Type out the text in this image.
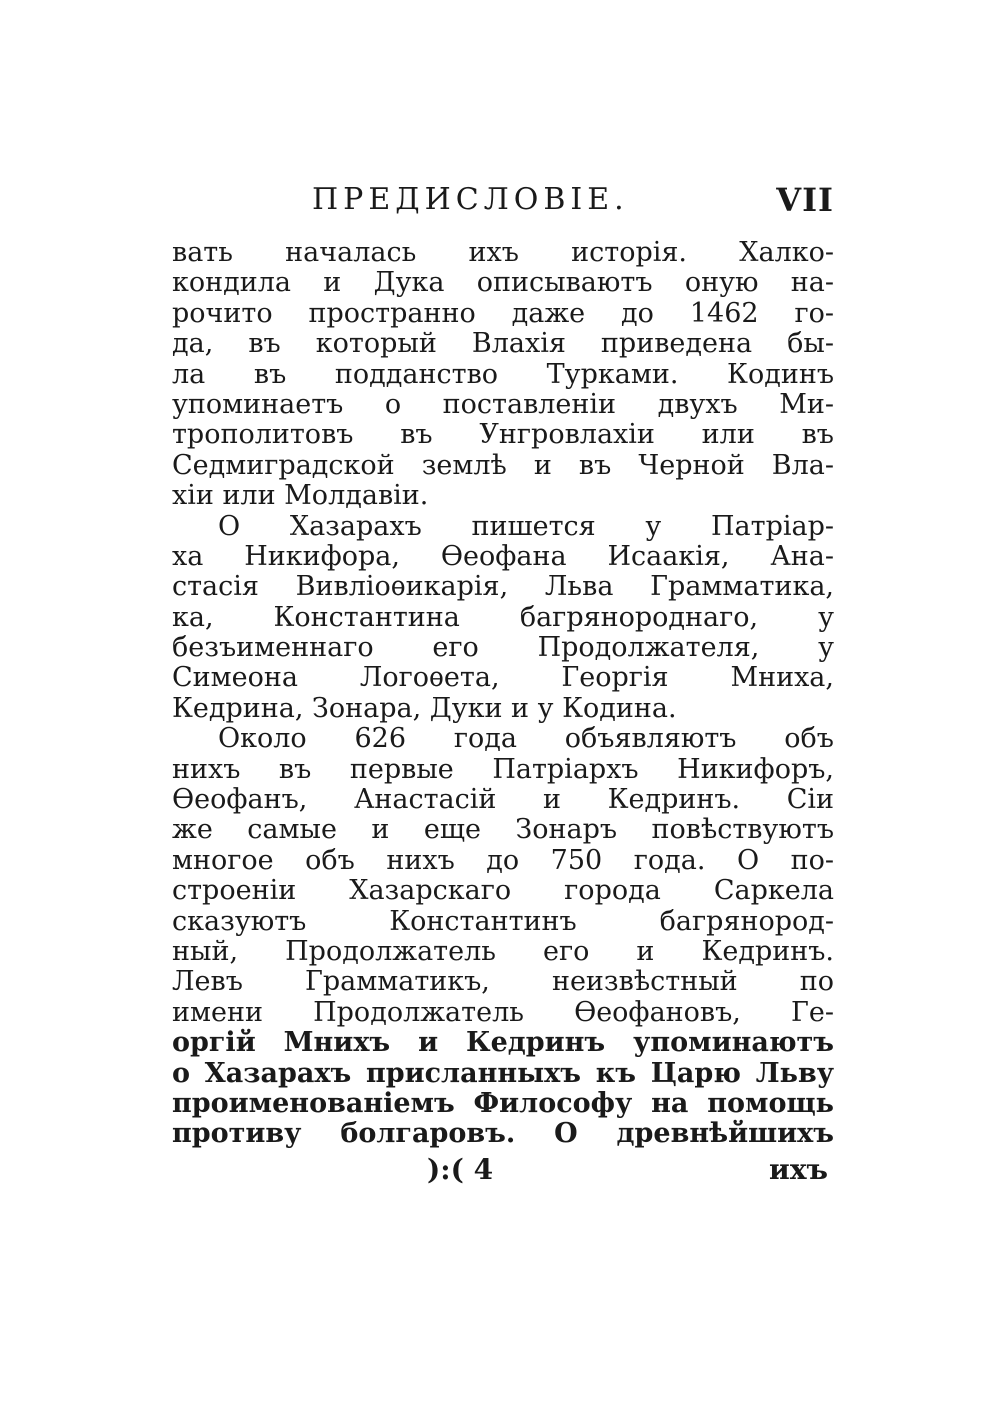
ПРЕДИСЛОВІЕ.	VII
вать началась ихъ исторія. Халко-
кондила и Дука описываютъ оную на-
рочито пространно даже до 1462 го-
да, въ который Влахія приведена бы-
ла въ подданство Турками. Кодинъ
упоминаетъ о поставленіи двухъ Ми-
трополитовъ въ Унгровлахіи или въ
Седмиградской землѣ и въ Черной Вла-
хіи или Молдавіи.
О Хазарахъ пишется у Патріар-
ха Никифора, Ѳеофана Исаакія, Ана-
стасія Вивліоѳикарія, Льва Грамматикa,
ка, Константина багрянороднаго, у
безъименнаго его Продолжателя, у
Симеона Логоѳета, Георгія Мниха,
Кедрина, Зонара, Дуки и у Кодина.
Около 626 года объявляютъ объ
нихъ въ первые Патріархъ Никифоръ,
Ѳеофанъ, Анастасій и Кедринъ. Сіи
же самые и еще Зонаръ повѣствуютъ
многое объ нихъ до 750 года. О по-
строеніи Хазарскаго города Саркела
сказуютъ Константинъ багрянород-
ный, Продолжатель его и Кедринъ.
Левъ Грамматикъ, неизвѣстный по
имени Продолжатель Ѳеофановъ, Ге-
оргій Мнихъ и Кедринъ упоминаютъ
о Хазарахъ присланныхъ къ Царю Льву
проименованіемъ Философу на помощь
противу болгаровъ. О древнѣйшихъ
):( 4	ихъ
